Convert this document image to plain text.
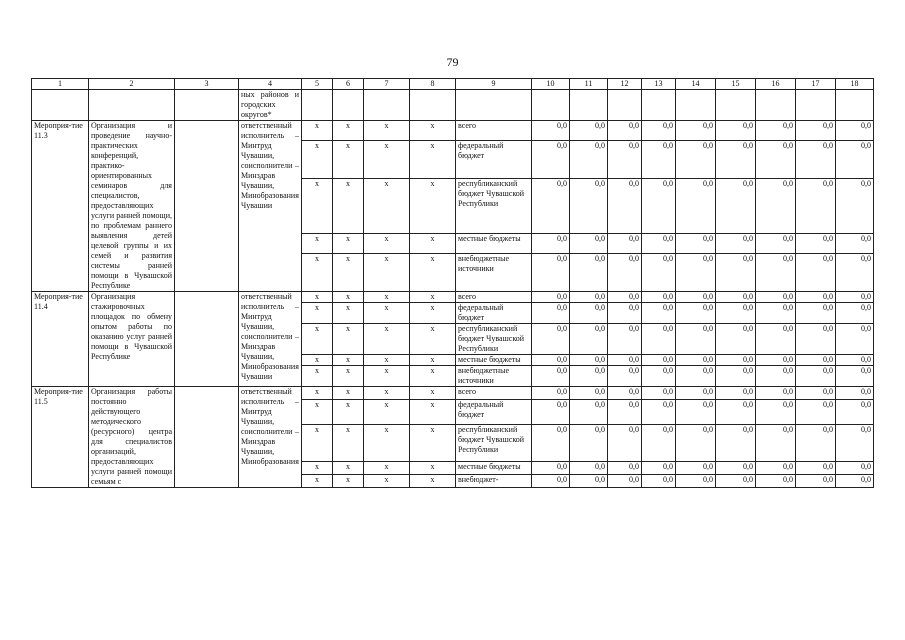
79
1	2	3	4	5	6	7	8	9	10	11	12	13	14	15	16	17	18
			ных районов и городских округов*														
Мероприя-тие 11.3	Организация и проведение научно-практических конференций, практико-ориентированных семинаров для специалистов, предоставляющих услуги ранней помощи, по проблемам раннего выявления детей целевой группы и их семей и развития системы ранней помощи в Чувашской Республике		ответственный исполнитель – Минтруд Чувашии, соисполнители – Минздрав Чувашии, Минобразования Чувашии	x	x	x	x	всего	0,0	0,0	0,0	0,0	0,0	0,0	0,0	0,0	0,0
				x	x	x	x	федеральный бюджет	0,0	0,0	0,0	0,0	0,0	0,0	0,0	0,0	0,0
				x	x	x	x	республиканский бюджет Чувашской Республики	0,0	0,0	0,0	0,0	0,0	0,0	0,0	0,0	0,0
				x	x	x	x	местные бюджеты	0,0	0,0	0,0	0,0	0,0	0,0	0,0	0,0	0,0
				x	x	x	x	внебюджетные источники	0,0	0,0	0,0	0,0	0,0	0,0	0,0	0,0	0,0
Мероприя-тие 11.4	Организация стажировочных площадок по обмену опытом работы по оказанию услуг ранней помощи в Чувашской Республике		ответственный исполнитель – Минтруд Чувашии, соисполнители – Минздрав Чувашии, Минобразования Чувашии	x	x	x	x	всего	0,0	0,0	0,0	0,0	0,0	0,0	0,0	0,0	0,0
				x	x	x	x	федеральный бюджет	0,0	0,0	0,0	0,0	0,0	0,0	0,0	0,0	0,0
				x	x	x	x	республиканский бюджет Чувашской Республики	0,0	0,0	0,0	0,0	0,0	0,0	0,0	0,0	0,0
				x	x	x	x	местные бюджеты	0,0	0,0	0,0	0,0	0,0	0,0	0,0	0,0	0,0
				x	x	x	x	внебюджетные источники	0,0	0,0	0,0	0,0	0,0	0,0	0,0	0,0	0,0
Мероприя-тие 11.5	Организация работы постоянно действующего методического (ресурсного) центра для специалистов организаций, предоставляющих услуги ранней помощи семьям с		ответственный исполнитель – Минтруд Чувашии, соисполнители – Минздрав Чувашии, Минобразования	x	x	x	x	всего	0,0	0,0	0,0	0,0	0,0	0,0	0,0	0,0	0,0
				x	x	x	x	федеральный бюджет	0,0	0,0	0,0	0,0	0,0	0,0	0,0	0,0	0,0
				x	x	x	x	республиканский бюджет Чувашской Республики	0,0	0,0	0,0	0,0	0,0	0,0	0,0	0,0	0,0
				x	x	x	x	местные бюджеты	0,0	0,0	0,0	0,0	0,0	0,0	0,0	0,0	0,0
				x	x	x	x	внебюджет-	0,0	0,0	0,0	0,0	0,0	0,0	0,0	0,0	0,0
